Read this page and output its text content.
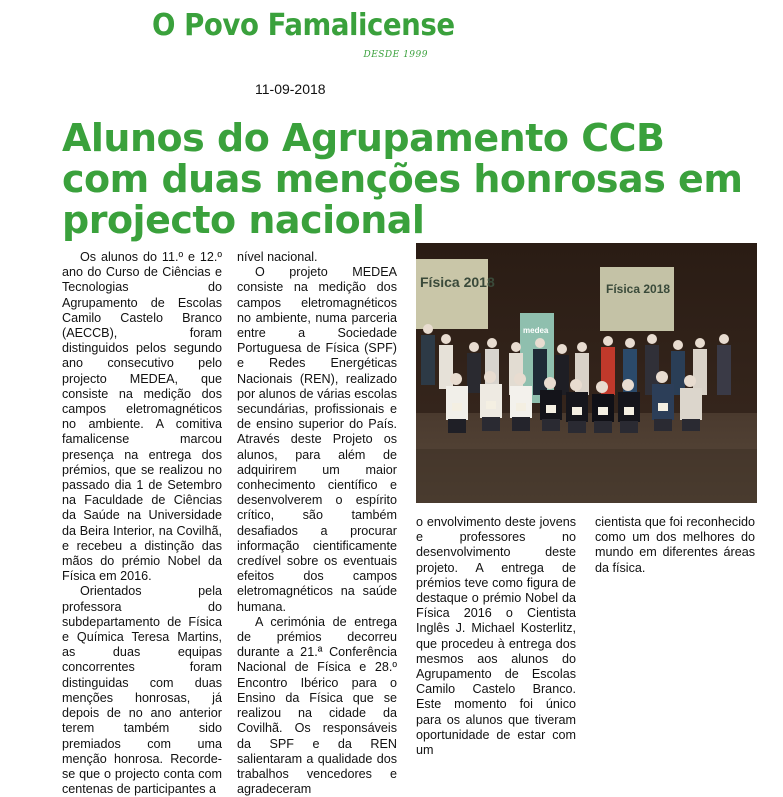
O Povo Famalicense
DESDE 1999
11-09-2018
Alunos do Agrupamento CCB com duas menções honrosas em projecto nacional

Os alunos do 11.º e 12.º ano do Curso de Ciências e Tecnologias do Agrupamento de Escolas Camilo Castelo Branco (AECCB), foram distinguidos pelos segundo ano consecutivo pelo projecto MEDEA, que consiste na medição dos campos eletromagnéticos no ambiente. A comitiva famalicense marcou presença na entrega dos prémios, que se realizou no passado dia 1 de Setembro na Faculdade de Ciências da Saúde na Universidade da Beira Interior, na Covilhã, e recebeu a distinção das mãos do prémio Nobel da Física em 2016.

Orientados pela professora do subdepartamento de Física e Química Teresa Martins, as duas equipas concorrentes foram distinguidas com duas menções honrosas, já depois de no ano anterior terem também sido premiados com uma menção honrosa. Recorde-se que o projecto conta com centenas de participantes a

nível nacional.

O projeto MEDEA consiste na medição dos campos eletromagnéticos no ambiente, numa parceria entre a Sociedade Portuguesa de Física (SPF) e Redes Energéticas Nacionais (REN), realizado por alunos de várias escolas secundárias, profissionais e de ensino superior do País. Através deste Projeto os alunos, para além de adquirirem um maior conhecimento científico e desenvolverem o espírito crítico, são também desafiados a procurar informação cientificamente credível sobre os eventuais efeitos dos campos eletromagnéticos na saúde humana.

A cerimónia de entrega de prémios decorreu durante a 21.ª Conferência Nacional de Física e 28.º Encontro Ibérico para o Ensino da Física que se realizou na cidade da Covilhã. Os responsáveis da SPF e da REN salientaram a qualidade dos trabalhos vencedores e agradeceram

Física 2018	Física 2018
medea

o envolvimento deste jovens e professores no desenvolvimento deste projeto. A entrega de prémios teve como figura de destaque o prémio Nobel da Física 2016 o Cientista Inglês J. Michael Kosterlitz, que procedeu à entrega dos mesmos aos alunos do Agrupamento de Escolas Camilo Castelo Branco. Este momento foi único para os alunos que tiveram oportunidade de estar com um

cientista que foi reconhecido como um dos melhores do mundo em diferentes áreas da física.
